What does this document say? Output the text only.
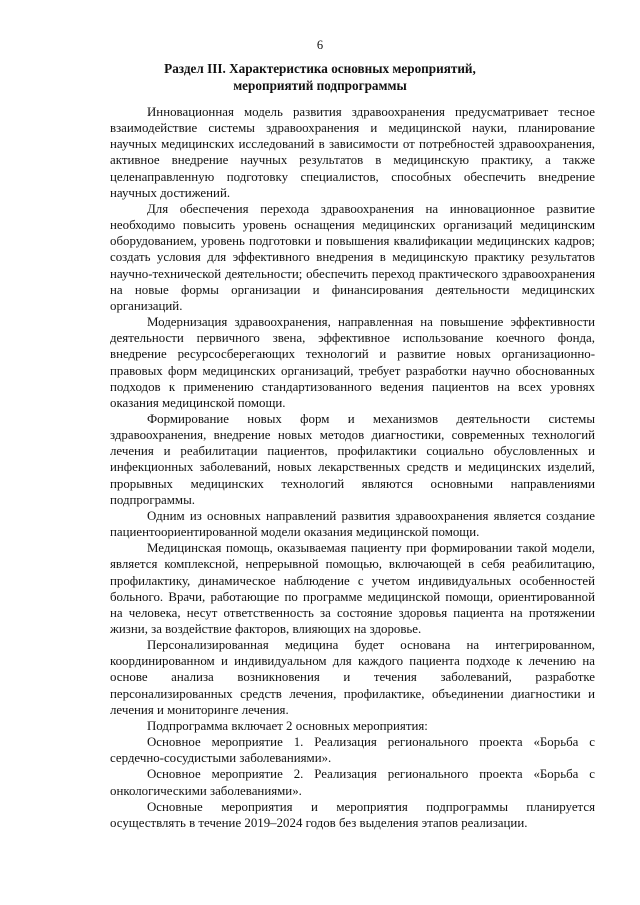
6
Раздел III. Характеристика основных мероприятий,
мероприятий подпрограммы

Инновационная модель развития здравоохранения предусматривает тесное взаимодействие системы здравоохранения и медицинской науки, планирование научных медицинских исследований в зависимости от потребностей здравоохранения, активное внедрение научных результатов в медицинскую практику, а также целенаправленную подготовку специалистов, способных обеспечить внедрение научных достижений.

Для обеспечения перехода здравоохранения на инновационное развитие необходимо повысить уровень оснащения медицинских организаций медицинским оборудованием, уровень подготовки и повышения квалификации медицинских кадров; создать условия для эффективного внедрения в медицинскую практику результатов научно-технической деятельности; обеспечить переход практического здравоохранения на новые формы организации и финансирования деятельности медицинских организаций.

Модернизация здравоохранения, направленная на повышение эффективности деятельности первичного звена, эффективное использование коечного фонда, внедрение ресурсосберегающих технологий и развитие новых организационно-правовых форм медицинских организаций, требует разработки научно обоснованных подходов к применению стандартизованного ведения пациентов на всех уровнях оказания медицинской помощи.

Формирование новых форм и механизмов деятельности системы здравоохранения, внедрение новых методов диагностики, современных технологий лечения и реабилитации пациентов, профилактики социально обусловленных и инфекционных заболеваний, новых лекарственных средств и медицинских изделий, прорывных медицинских технологий являются основными направлениями подпрограммы.

Одним из основных направлений развития здравоохранения является создание пациентоориентированной модели оказания медицинской помощи.

Медицинская помощь, оказываемая пациенту при формировании такой модели, является комплексной, непрерывной помощью, включающей в себя реабилитацию, профилактику, динамическое наблюдение с учетом индивидуальных особенностей больного. Врачи, работающие по программе медицинской помощи, ориентированной на человека, несут ответственность за состояние здоровья пациента на протяжении жизни, за воздействие факторов, влияющих на здоровье.

Персонализированная медицина будет основана на интегрированном, координированном и индивидуальном для каждого пациента подходе к лечению на основе анализа возникновения и течения заболеваний, разработке персонализированных средств лечения, профилактике, объединении диагностики и лечения и мониторинге лечения.

Подпрограмма включает 2 основных мероприятия:

Основное мероприятие 1. Реализация регионального проекта «Борьба с сердечно-сосудистыми заболеваниями».

Основное мероприятие 2. Реализация регионального проекта «Борьба с онкологическими заболеваниями».

Основные мероприятия и мероприятия подпрограммы планируется осуществлять в течение 2019–2024 годов без выделения этапов реализации.
